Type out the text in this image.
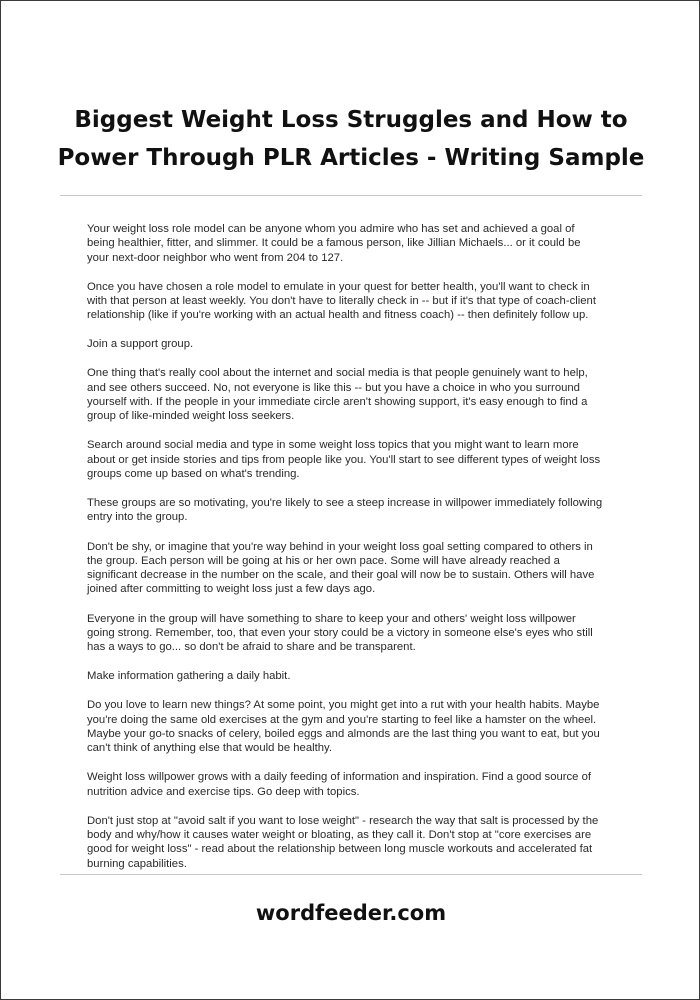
Biggest Weight Loss Struggles and How to
Power Through PLR Articles - Writing Sample

Your weight loss role model can be anyone whom you admire who has set and achieved a goal of being healthier, fitter, and slimmer. It could be a famous person, like Jillian Michaels... or it could be your next-door neighbor who went from 204 to 127.

Once you have chosen a role model to emulate in your quest for better health, you'll want to check in with that person at least weekly. You don't have to literally check in -- but if it's that type of coach-client relationship (like if you're working with an actual health and fitness coach) -- then definitely follow up.

Join a support group.

One thing that's really cool about the internet and social media is that people genuinely want to help, and see others succeed. No, not everyone is like this -- but you have a choice in who you surround yourself with. If the people in your immediate circle aren't showing support, it's easy enough to find a group of like-minded weight loss seekers.

Search around social media and type in some weight loss topics that you might want to learn more about or get inside stories and tips from people like you. You'll start to see different types of weight loss groups come up based on what's trending.

These groups are so motivating, you're likely to see a steep increase in willpower immediately following entry into the group.

Don't be shy, or imagine that you're way behind in your weight loss goal setting compared to others in the group. Each person will be going at his or her own pace. Some will have already reached a significant decrease in the number on the scale, and their goal will now be to sustain. Others will have joined after committing to weight loss just a few days ago.

Everyone in the group will have something to share to keep your and others' weight loss willpower going strong. Remember, too, that even your story could be a victory in someone else's eyes who still has a ways to go... so don't be afraid to share and be transparent.

Make information gathering a daily habit.

Do you love to learn new things? At some point, you might get into a rut with your health habits. Maybe you're doing the same old exercises at the gym and you're starting to feel like a hamster on the wheel. Maybe your go-to snacks of celery, boiled eggs and almonds are the last thing you want to eat, but you can't think of anything else that would be healthy.

Weight loss willpower grows with a daily feeding of information and inspiration. Find a good source of nutrition advice and exercise tips. Go deep with topics.

Don't just stop at "avoid salt if you want to lose weight" - research the way that salt is processed by the body and why/how it causes water weight or bloating, as they call it. Don't stop at "core exercises are good for weight loss" - read about the relationship between long muscle workouts and accelerated fat burning capabilities.

wordfeeder.com
